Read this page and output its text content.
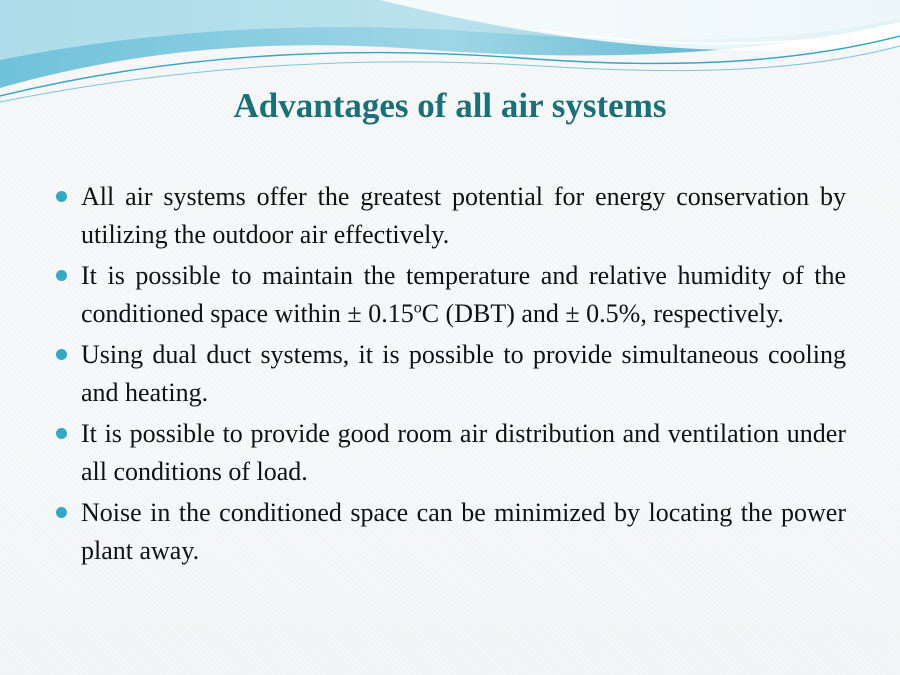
Advantages of all air systems
All air systems offer the greatest potential for energy conservation by utilizing the outdoor air effectively.
It is possible to maintain the temperature and relative humidity of the conditioned space within ± $0.15^oC$ (DBT) and ± 0.5%, respectively.
Using dual duct systems, it is possible to provide simultaneous cooling and heating.
It is possible to provide good room air distribution and ventilation under all conditions of load.
Noise in the conditioned space can be minimized by locating the power plant away.
